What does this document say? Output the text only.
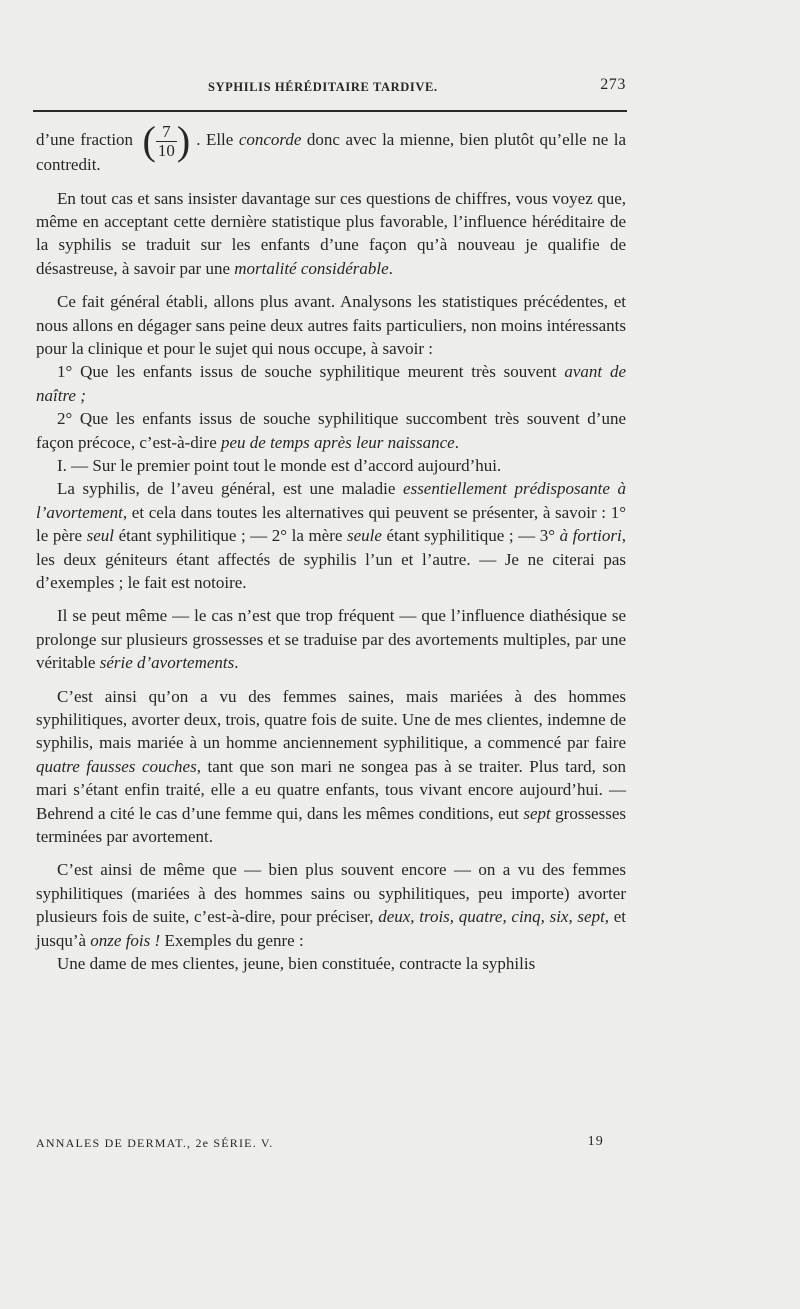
SYPHILIS HÉRÉDITAIRE TARDIVE.	273

d’une fraction ( $\frac{7}{10}$ ) . Elle concorde donc avec la mienne, bien plutôt qu’elle ne la contredit.

En tout cas et sans insister davantage sur ces questions de chiffres, vous voyez que, même en acceptant cette dernière statistique plus favorable, l’influence héréditaire de la syphilis se traduit sur les enfants d’une façon qu’à nouveau je qualifie de désastreuse, à savoir par une mortalité considérable.

Ce fait général établi, allons plus avant. Analysons les statistiques précédentes, et nous allons en dégager sans peine deux autres faits particuliers, non moins intéressants pour la clinique et pour le sujet qui nous occupe, à savoir :

1° Que les enfants issus de souche syphilitique meurent très souvent avant de naître ;

2° Que les enfants issus de souche syphilitique succombent très souvent d’une façon précoce, c’est-à-dire peu de temps après leur naissance.

I. — Sur le premier point tout le monde est d’accord aujourd’hui.

La syphilis, de l’aveu général, est une maladie essentiellement prédisposante à l’avortement, et cela dans toutes les alternatives qui peuvent se présenter, à savoir : 1° le père seul étant syphilitique ; — 2° la mère seule étant syphilitique ; — 3° à fortiori, les deux géniteurs étant affectés de syphilis l’un et l’autre. — Je ne citerai pas d’exemples ; le fait est notoire.

Il se peut même — le cas n’est que trop fréquent — que l’influence diathésique se prolonge sur plusieurs grossesses et se traduise par des avortements multiples, par une véritable série d’avortements.

C’est ainsi qu’on a vu des femmes saines, mais mariées à des hommes syphilitiques, avorter deux, trois, quatre fois de suite. Une de mes clientes, indemne de syphilis, mais mariée à un homme anciennement syphilitique, a commencé par faire quatre fausses couches, tant que son mari ne songea pas à se traiter. Plus tard, son mari s’étant enfin traité, elle a eu quatre enfants, tous vivant encore aujourd’hui. — Behrend a cité le cas d’une femme qui, dans les mêmes conditions, eut sept grossesses terminées par avortement.

C’est ainsi de même que — bien plus souvent encore — on a vu des femmes syphilitiques (mariées à des hommes sains ou syphilitiques, peu importe) avorter plusieurs fois de suite, c’est-à-dire, pour préciser, deux, trois, quatre, cinq, six, sept, et jusqu’à onze fois ! Exemples du genre :

Une dame de mes clientes, jeune, bien constituée, contracte la syphilis

ANNALES DE DERMAT., 2e SÉRIE. V.	19
